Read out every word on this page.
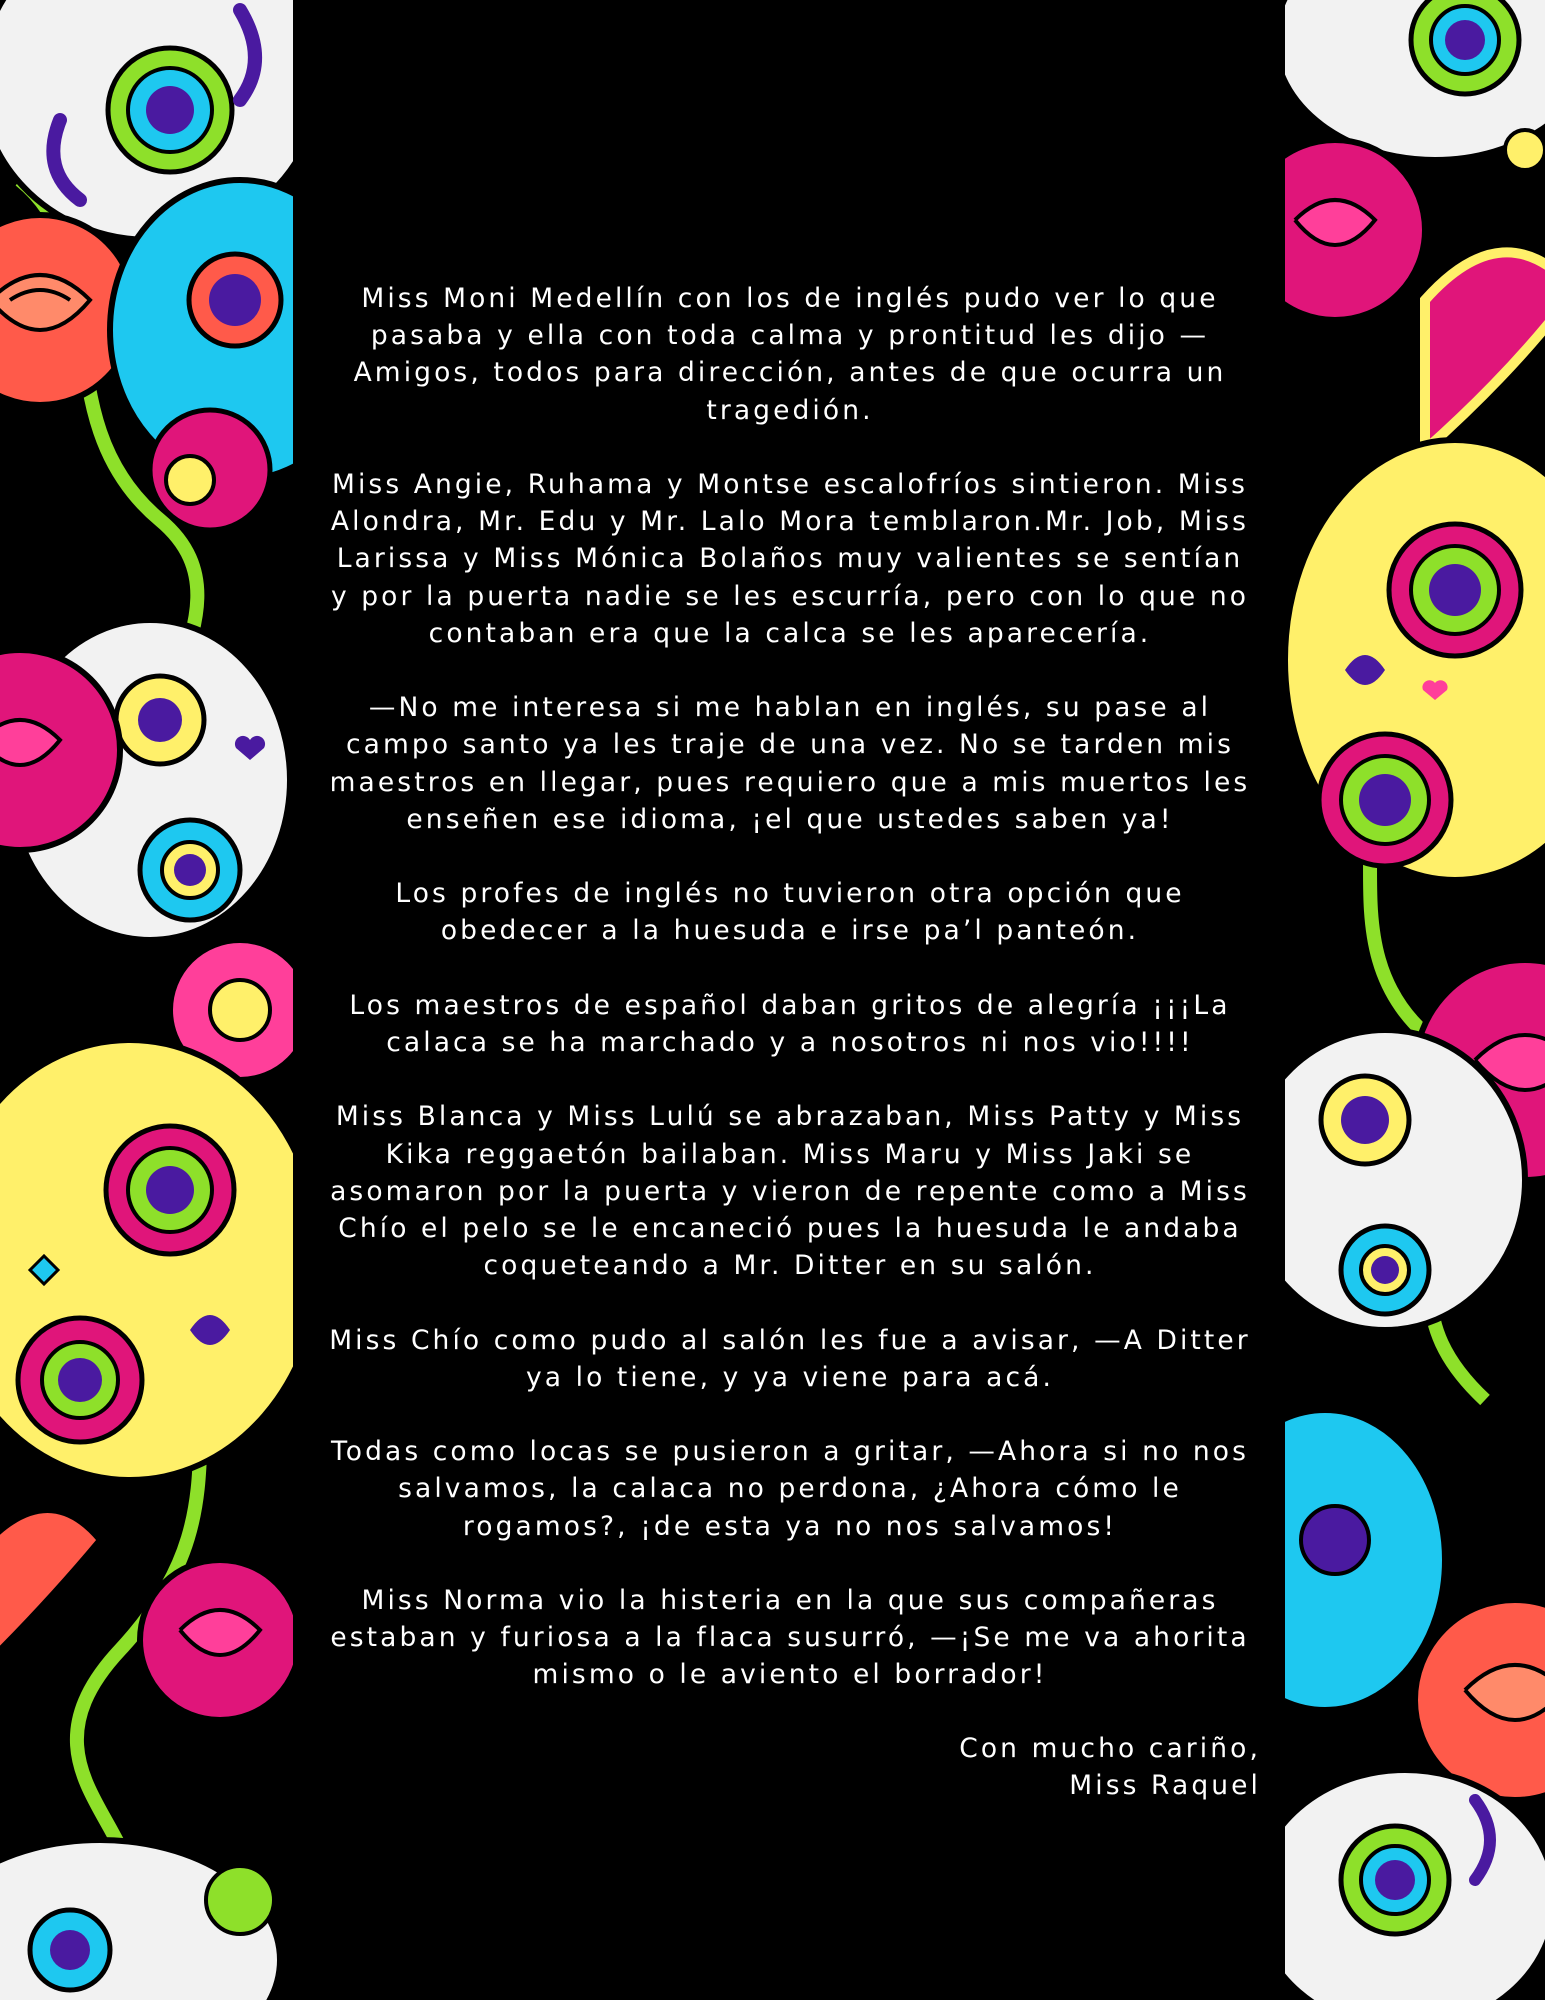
Miss Moni Medellín con los de inglés pudo ver lo que pasaba y ella con toda calma y prontitud les dijo —Amigos, todos para dirección, antes de que ocurra un tragedión.

Miss Angie, Ruhama y Montse escalofríos sintieron. Miss Alondra, Mr. Edu y Mr. Lalo Mora temblaron.Mr. Job, Miss Larissa y Miss Mónica Bolaños muy valientes se sentían y por la puerta nadie se les escurría, pero con lo que no contaban era que la calca se les aparecería.

—No me interesa si me hablan en inglés, su pase al campo santo ya les traje de una vez. No se tarden mis maestros en llegar, pues requiero que a mis muertos les enseñen ese idioma, ¡el que ustedes saben ya!

Los profes de inglés no tuvieron otra opción que obedecer a la huesuda e irse pa’l panteón.

Los maestros de español daban gritos de alegría ¡¡¡La calaca se ha marchado y a nosotros ni nos vio!!!!

Miss Blanca y Miss Lulú se abrazaban, Miss Patty y Miss Kika reggaetón bailaban. Miss Maru y Miss Jaki se asomaron por la puerta y vieron de repente como a Miss Chío el pelo se le encaneció pues la huesuda le andaba coqueteando a Mr. Ditter en su salón.

Miss Chío como pudo al salón les fue a avisar, —A Ditter ya lo tiene, y ya viene para acá.

Todas como locas se pusieron a gritar, —Ahora si no nos salvamos, la calaca no perdona, ¿Ahora cómo le rogamos?, ¡de esta ya no nos salvamos!

Miss Norma vio la histeria en la que sus compañeras estaban y furiosa a la flaca susurró, —¡Se me va ahorita mismo o le aviento el borrador!

Con mucho cariño,
Miss Raquel
